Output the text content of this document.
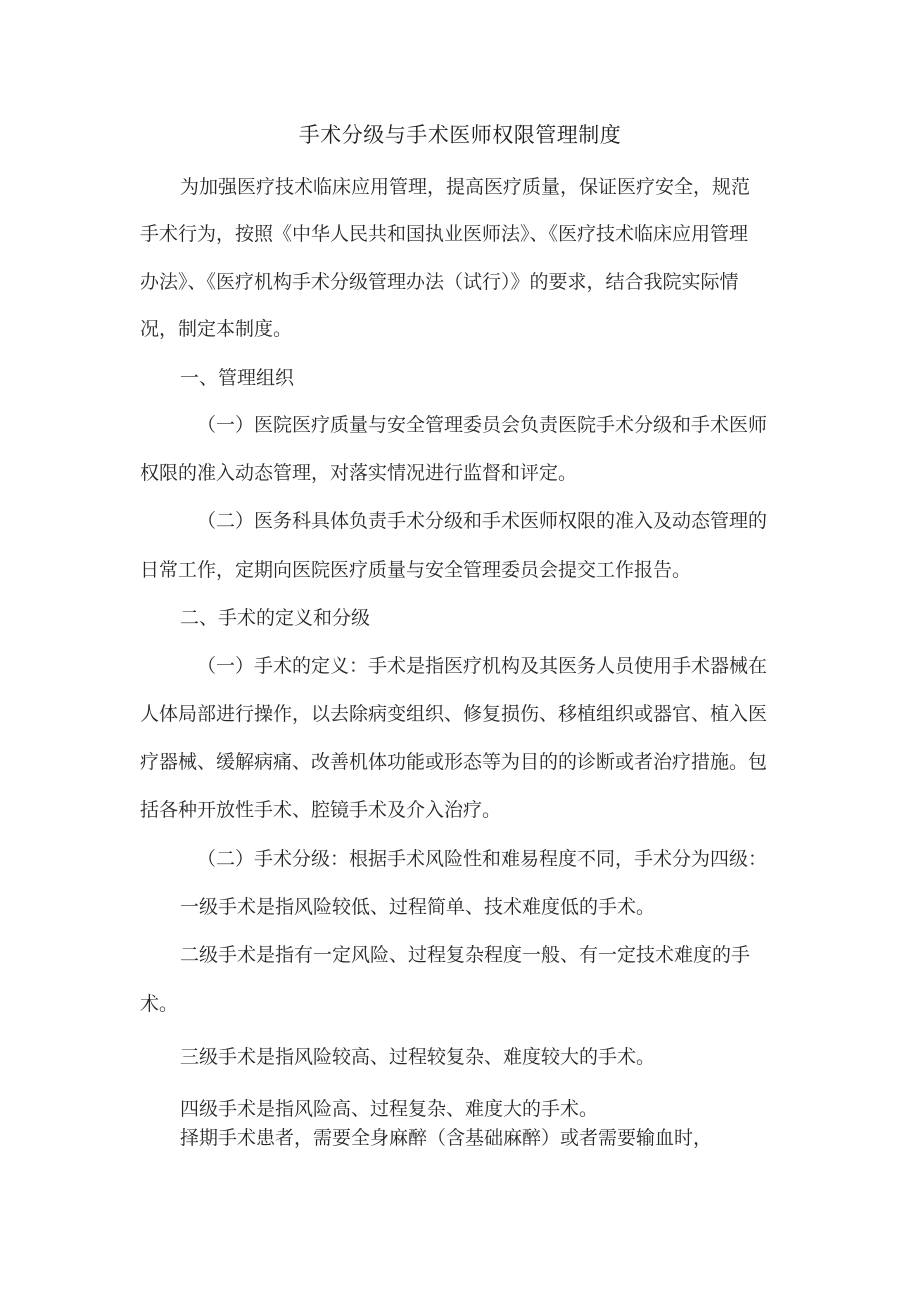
手术分级与手术医师权限管理制度
为加强医疗技术临床应用管理，提高医疗质量，保证医疗安全，规范
手术行为，按照《中华人民共和国执业医师法》、《医疗技术临床应用管理
办法》、《医疗机构手术分级管理办法（试行）》的要求，结合我院实际情
况，制定本制度。
一、管理组织
（一）医院医疗质量与安全管理委员会负责医院手术分级和手术医师
权限的准入动态管理，对落实情况进行监督和评定。
（二）医务科具体负责手术分级和手术医师权限的准入及动态管理的
日常工作，定期向医院医疗质量与安全管理委员会提交工作报告。
二、手术的定义和分级
（一）手术的定义：手术是指医疗机构及其医务人员使用手术器械在
人体局部进行操作，以去除病变组织、修复损伤、移植组织或器官、植入医
疗器械、缓解病痛、改善机体功能或形态等为目的的诊断或者治疗措施。包
括各种开放性手术、腔镜手术及介入治疗。
（二）手术分级：根据手术风险性和难易程度不同，手术分为四级：
一级手术是指风险较低、过程简单、技术难度低的手术。
二级手术是指有一定风险、过程复杂程度一般、有一定技术难度的手
术。
三级手术是指风险较高、过程较复杂、难度较大的手术。
四级手术是指风险高、过程复杂、难度大的手术。
择期手术患者，需要全身麻醉（含基础麻醉）或者需要输血时，
